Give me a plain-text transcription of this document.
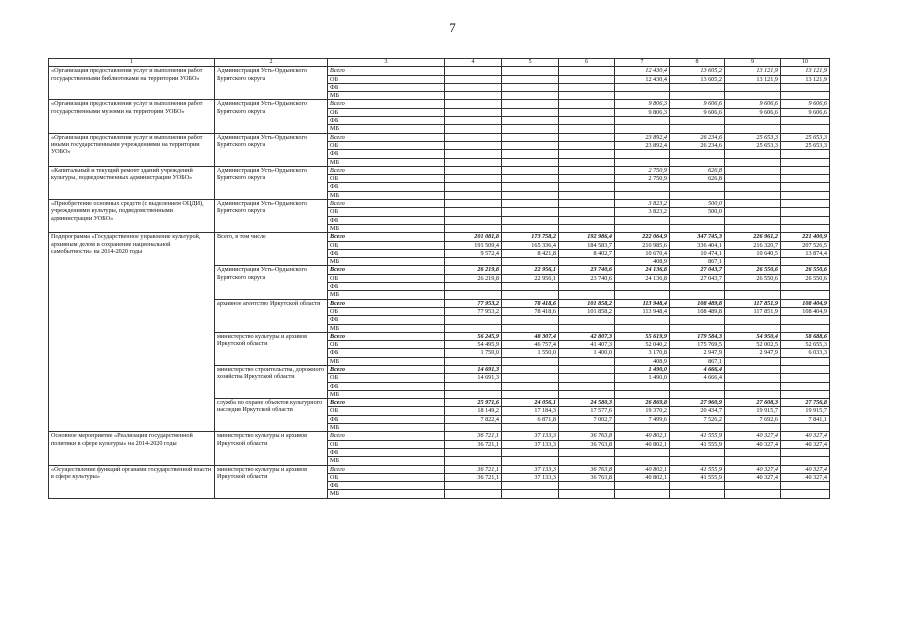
7
1	2	3	4	5	6	7	8	9	10
«Организация предоставления услуг и выполнения работ государственными библиотеками на территории УОБО»	Администрация Усть-Ордынского Бурятского округа	Всего				12 430,4	13 605,2	13 121,9	13 121,9
		ОБ				12 430,4	13 605,2	13 121,9	13 121,9
		ФБ							
		МБ							
«Организация предоставления услуг и выполнения работ государственными музеями на территории УОБО»	Администрация Усть-Ордынского Бурятского округа	Всего				9 806,3	9 606,6	9 606,6	9 606,6
		ОБ				9 806,3	9 606,6	9 606,6	9 606,6
		ФБ							
		МБ							
«Организация предоставления услуг и выполнения работ иными государственными учреждениями на территории УОБО»	Администрация Усть-Ордынского Бурятского округа	Всего				23 892,4	26 234,6	25 653,3	25 653,3
		ОБ				23 892,4	26 234,6	25 653,3	25 653,3
		ФБ							
		МБ							
«Капитальный и текущий ремонт зданий учреждений культуры, подведомственных администрации УОБО»	Администрация Усть-Ордынского Бурятского округа	Всего				2 750,9	626,8		
		ОБ				2 750,9	626,8		
		ФБ							
		МБ							
«Приобретение основных средств (с выделением ОЦДИ), учреждениями культуры, подведомственными администрации УОБО»	Администрация Усть-Ордынского Бурятского округа	Всего				3 823,2	500,0		
		ОБ				3 823,2	500,0		
		ФБ							
		МБ							
Подпрограмма «Государственное управление культурой, архивным делом и сохранение национальной самобытности» на 2014-2020 годы	Всего, в том числе	Всего	201 081,8	173 758,2	192 986,4	222 064,9	347 745,3	226 961,2	221 400,9
		ОБ	191 509,4	165 336,4	184 583,7	210 985,6	336 404,1	216 320,7	207 526,5
		ФБ	9 572,4	8 421,8	8 402,7	10 670,4	10 474,1	10 640,5	13 874,4
		МБ				408,9	867,1		
	Администрация Усть-Ордынского Бурятского округа	Всего	26 219,8	22 956,1	23 740,6	24 136,8	27 043,7	26 550,6	26 550,6
		ОБ	26 219,8	22 956,1	23 740,6	24 136,8	27 043,7	26 550,6	26 550,6
		ФБ							
		МБ							
	архивное агентство Иркутской области	Всего	77 953,2	78 418,6	101 858,2	113 948,4	108 489,8	117 851,9	108 404,9
		ОБ	77 953,2	78 418,6	101 858,2	113 948,4	108 489,8	117 851,9	108 404,9
		ФБ							
		МБ							
	министерство культуры и архивов Иркутской области	Всего	56 245,9	48 307,4	42 807,3	55 619,9	179 584,3	54 950,4	58 688,6
		ОБ	54 495,9	46 757,4	41 407,3	52 040,2	175 769,5	52 002,5	52 655,3
		ФБ	1 750,0	1 550,0	1 400,0	3 170,8	2 947,9	2 947,9	6 033,3
		МБ				408,9	867,1		
	министерство строительства, дорожного хозяйства Иркутской области	Всего	14 691,3			1 490,0	4 666,4		
		ОБ	14 691,3			1 490,0	4 666,4		
		ФБ							
		МБ							
	служба по охране объектов культурного наследия Иркутской области	Всего	25 971,6	24 056,1	24 580,3	26 869,8	27 960,9	27 608,3	27 756,8
		ОБ	18 149,2	17 184,3	17 577,6	19 370,2	20 434,7	19 915,7	19 915,7
		ФБ	7 822,4	6 871,8	7 002,7	7 499,6	7 526,2	7 692,6	7 841,1
		МБ							
Основное мероприятие «Реализация государственной политики в сфере культуры» на 2014-2020 годы	министерство культуры и архивов Иркутской области	Всего	36 721,1	37 133,3	36 763,8	40 802,1	41 555,9	40 327,4	40 327,4
		ОБ	36 721,1	37 133,3	36 763,8	40 802,1	41 555,9	40 327,4	40 327,4
		ФБ							
		МБ							
«Осуществление функций органами государственной власти в сфере культуры»	министерство культуры и архивов Иркутской области	Всего	36 721,1	37 133,3	36 763,8	40 802,1	41 555,9	40 327,4	40 327,4
		ОБ	36 721,1	37 133,3	36 763,8	40 802,1	41 555,9	40 327,4	40 327,4
		ФБ							
		МБ							
